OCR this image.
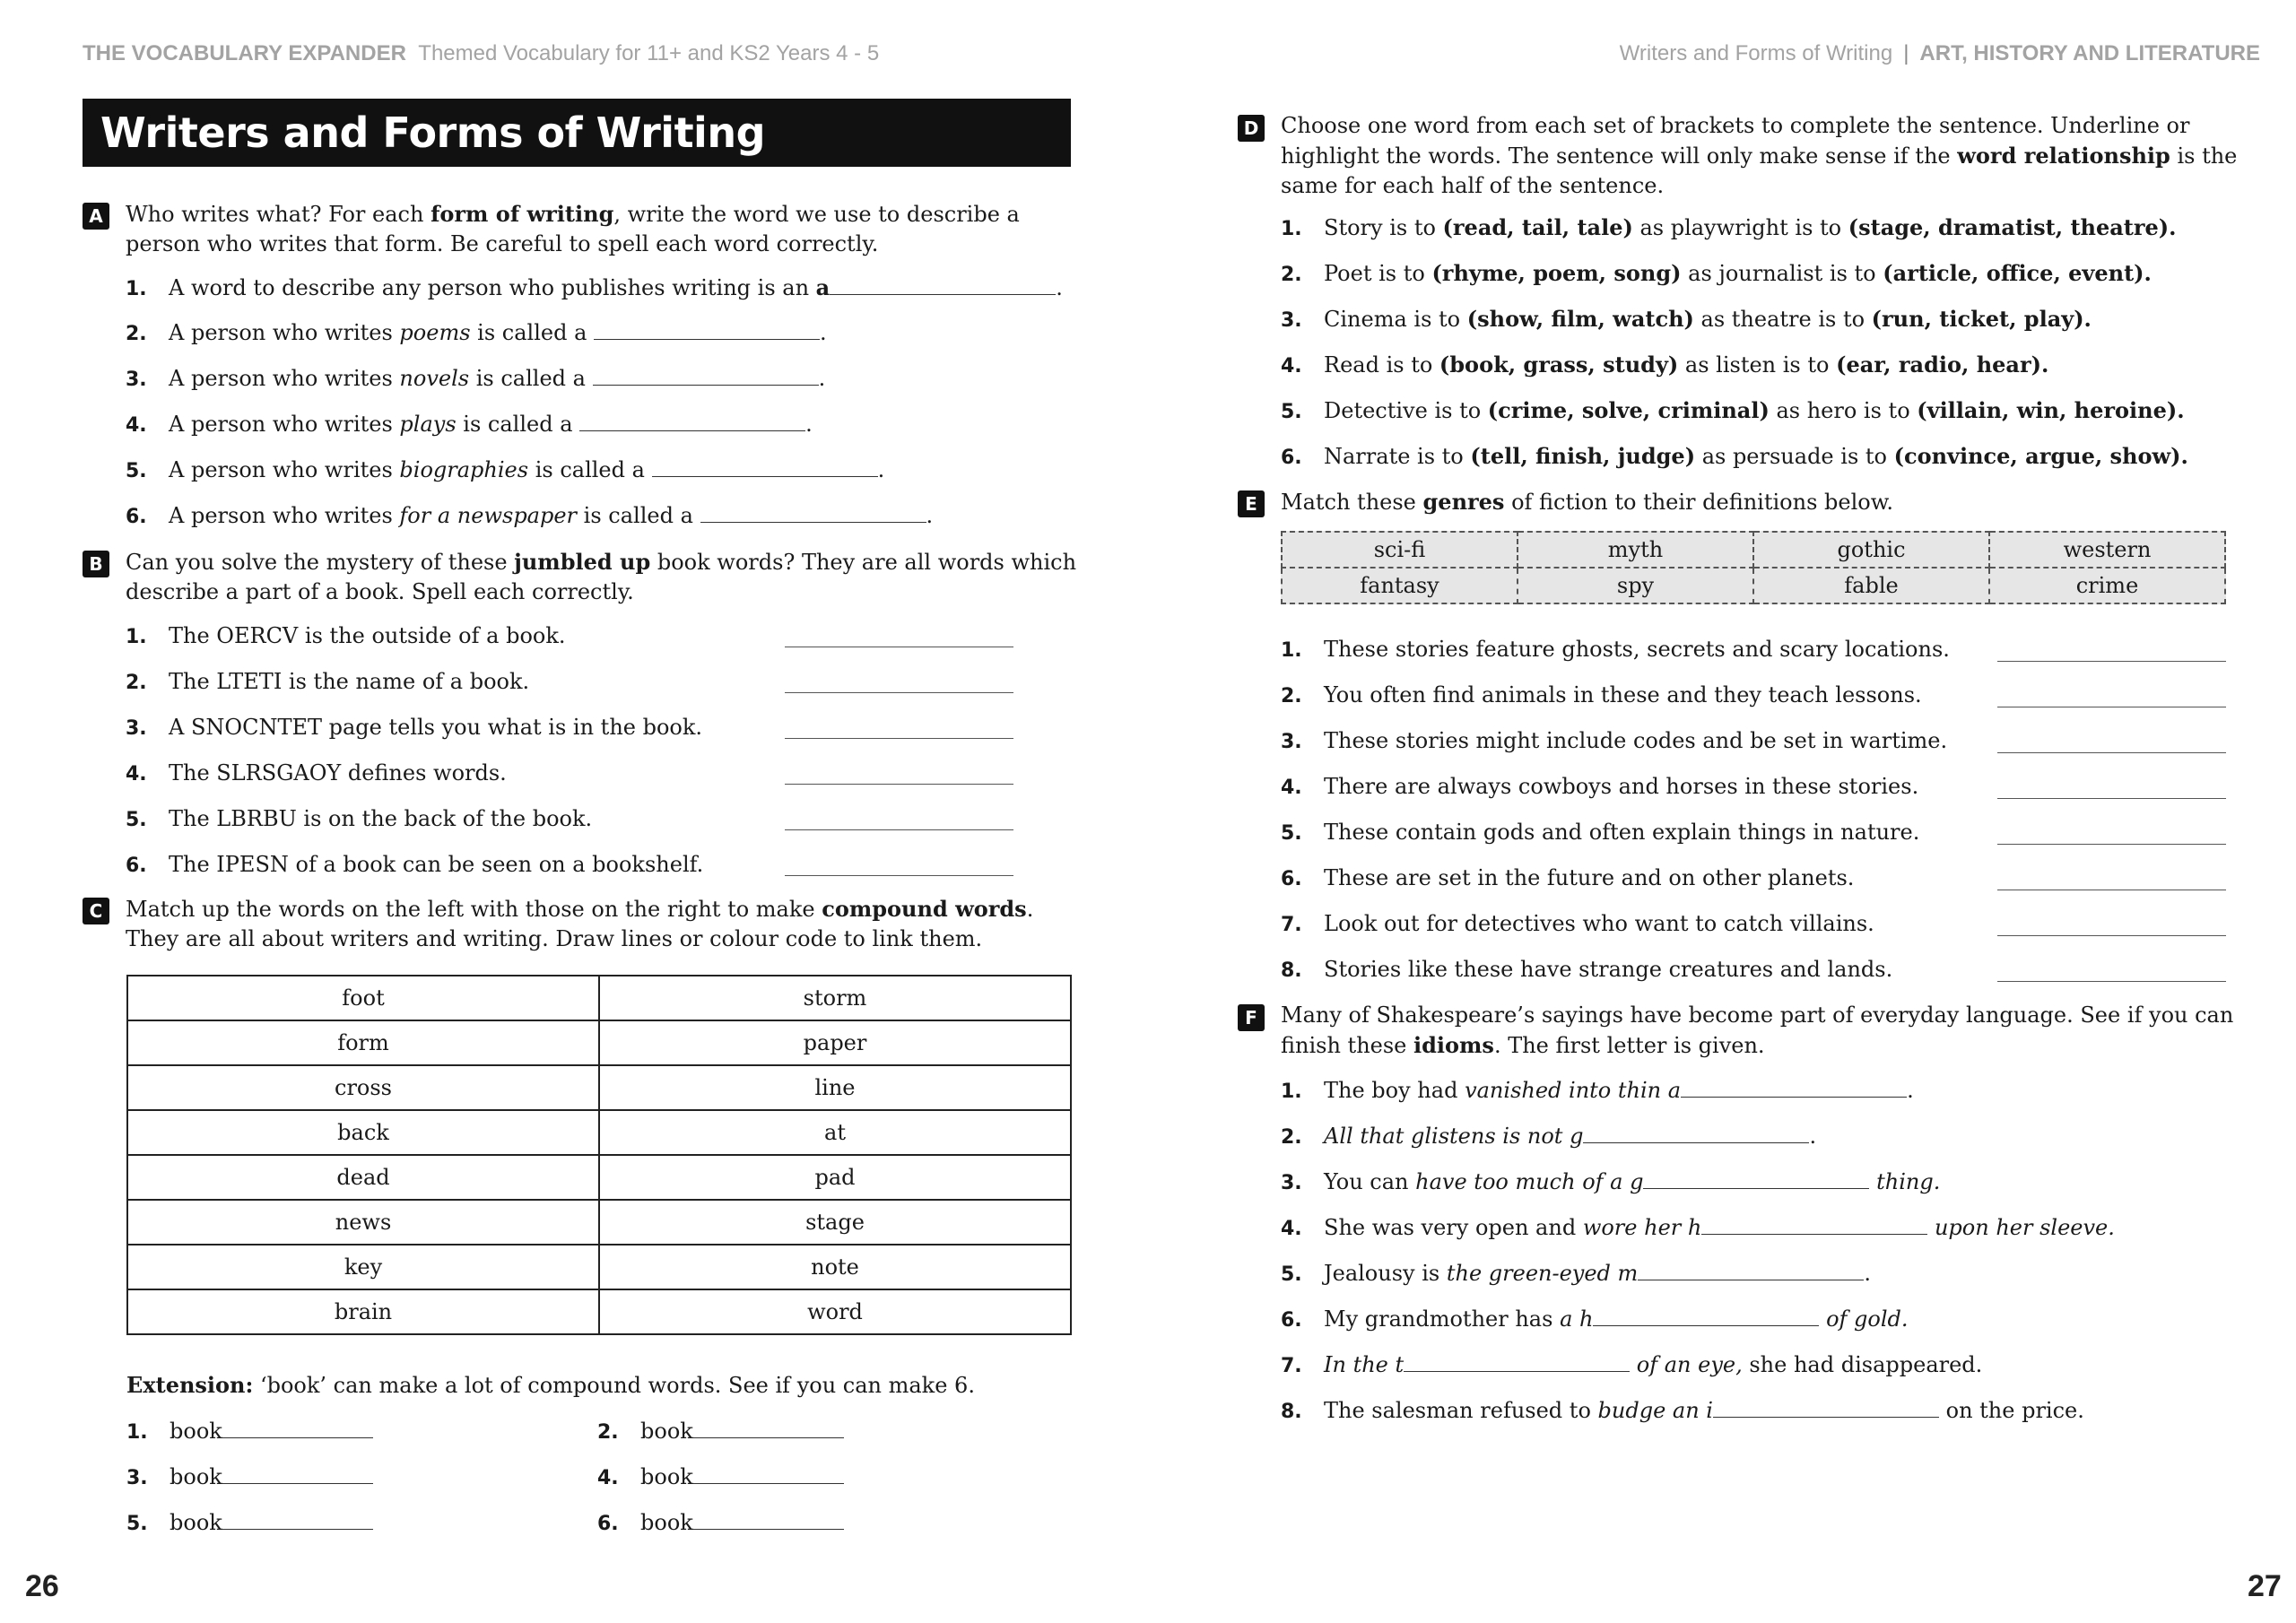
THE VOCABULARY EXPANDER Themed Vocabulary for 11+ and KS2 Years 4 - 5
Writers and Forms of Writing
A	Who writes what? For each form of writing, write the word we use to describe a person who writes that form. Be careful to spell each word correctly.
1. A word to describe any person who publishes writing is an a	.
2. A person who writes poems is called a	.
3. A person who writes novels is called a	.
4. A person who writes plays is called a	.
5. A person who writes biographies is called a	.
6. A person who writes for a newspaper is called a	.
B	Can you solve the mystery of these jumbled up book words? They are all words which describe a part of a book. Spell each correctly.
1. The OERCV is the outside of a book.
2. The LTETI is the name of a book.
3. A SNOCNTET page tells you what is in the book.
4. The SLRSGAOY defines words.
5. The LBRBU is on the back of the book.
6. The IPESN of a book can be seen on a bookshelf.
C	Match up the words on the left with those on the right to make compound words. They are all about writers and writing. Draw lines or colour code to link them.
foot	storm
form	paper
cross	line
back	at
dead	pad
news	stage
key	note
brain	word
Extension: ‘book’ can make a lot of compound words. See if you can make 6.
1. book	2. book
3. book	4. book
5. book	6. book
26
Writers and Forms of Writing | ART, HISTORY AND LITERATURE
D Choose one word from each set of brackets to complete the sentence. Underline or highlight the words. The sentence will only make sense if the word relationship is the same for each half of the sentence.
1. Story is to (read, tail, tale) as playwright is to (stage, dramatist, theatre).
2. Poet is to (rhyme, poem, song) as journalist is to (article, office, event).
3. Cinema is to (show, film, watch) as theatre is to (run, ticket, play).
4. Read is to (book, grass, study) as listen is to (ear, radio, hear).
5. Detective is to (crime, solve, criminal) as hero is to (villain, win, heroine).
6. Narrate is to (tell, finish, judge) as persuade is to (convince, argue, show).
E	Match these genres of fiction to their definitions below.
sci-fi	myth	gothic	western
fantasy	spy	fable	crime
1. These stories feature ghosts, secrets and scary locations.
2. You often find animals in these and they teach lessons.
3. These stories might include codes and be set in wartime.
4. There are always cowboys and horses in these stories.
5. These contain gods and often explain things in nature.
6. These are set in the future and on other planets.
7. Look out for detectives who want to catch villains.
8. Stories like these have strange creatures and lands.
F	Many of Shakespeare’s sayings have become part of everyday language. See if you can finish these idioms. The first letter is given.
1. The boy had vanished into thin a	.
2. All that glistens is not g	.
3. You can have too much of a g	thing.
4. She was very open and wore her h	upon her sleeve.
5. Jealousy is the green-eyed m	.
6. My grandmother has a h	of gold.
7. In the t	of an eye, she had disappeared.
8. The salesman refused to budge an i	on the price.
27
